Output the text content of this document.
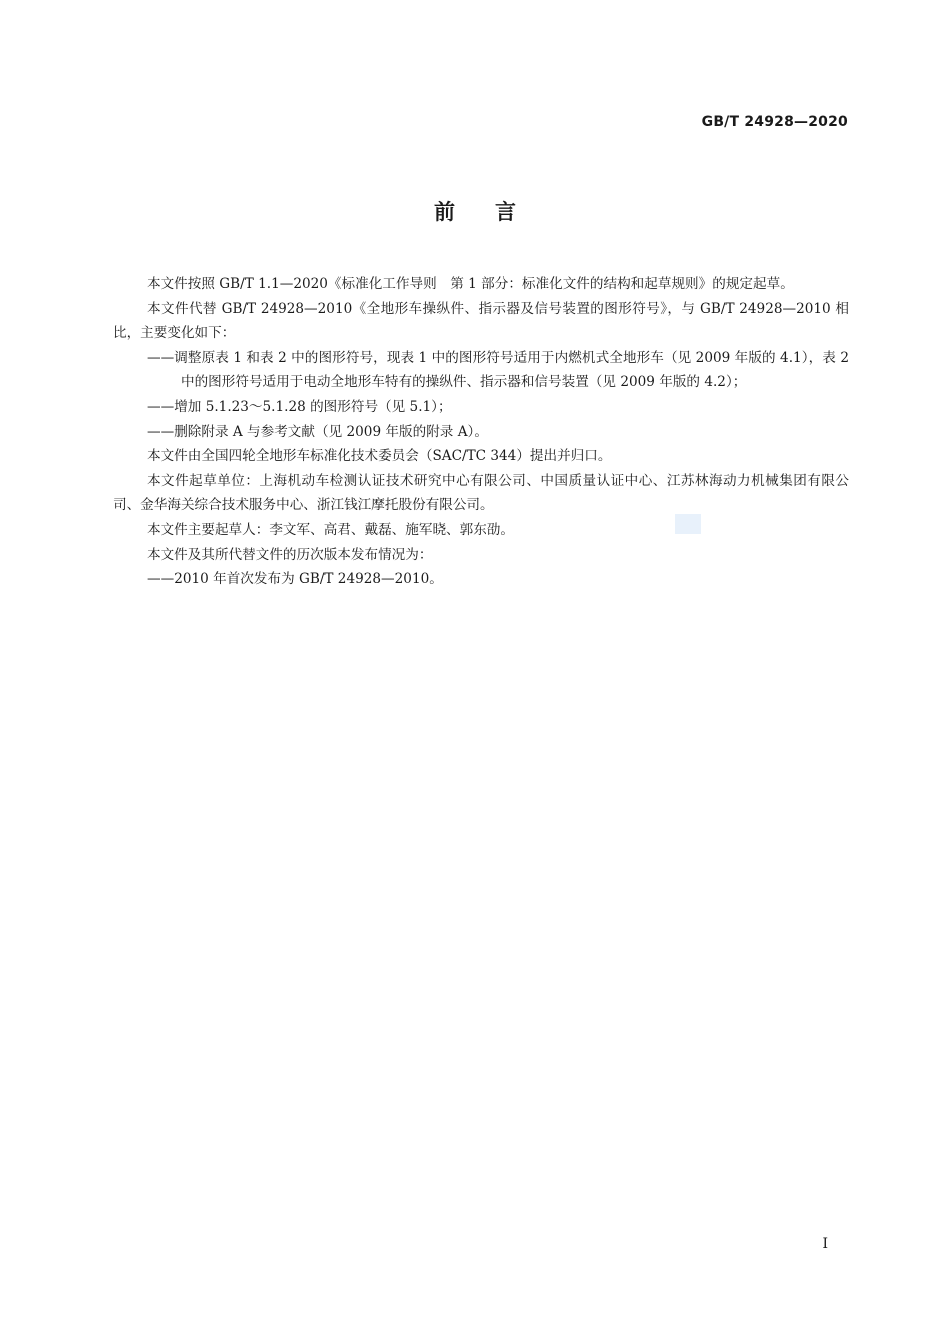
GB/T 24928—2020
前言

本文件按照 GB/T 1.1—2020《标准化工作导则　第 1 部分：标准化文件的结构和起草规则》的规定起草。

本文件代替 GB/T 24928—2010《全地形车操纵件、指示器及信号装置的图形符号》，与 GB/T 24928—2010 相比，主要变化如下：

——调整原表 1 和表 2 中的图形符号，现表 1 中的图形符号适用于内燃机式全地形车（见 2009 年版的 4.1），表 2 中的图形符号适用于电动全地形车特有的操纵件、指示器和信号装置（见 2009 年版的 4.2）；

——增加 5.1.23～5.1.28 的图形符号（见 5.1）；

——删除附录 A 与参考文献（见 2009 年版的附录 A）。

本文件由全国四轮全地形车标准化技术委员会（SAC/TC 344）提出并归口。

本文件起草单位：上海机动车检测认证技术研究中心有限公司、中国质量认证中心、江苏林海动力机械集团有限公司、金华海关综合技术服务中心、浙江钱江摩托股份有限公司。

本文件主要起草人：李文军、高君、戴磊、施军晓、郭东劭。

本文件及其所代替文件的历次版本发布情况为：

——2010 年首次发布为 GB/T 24928—2010。

I
